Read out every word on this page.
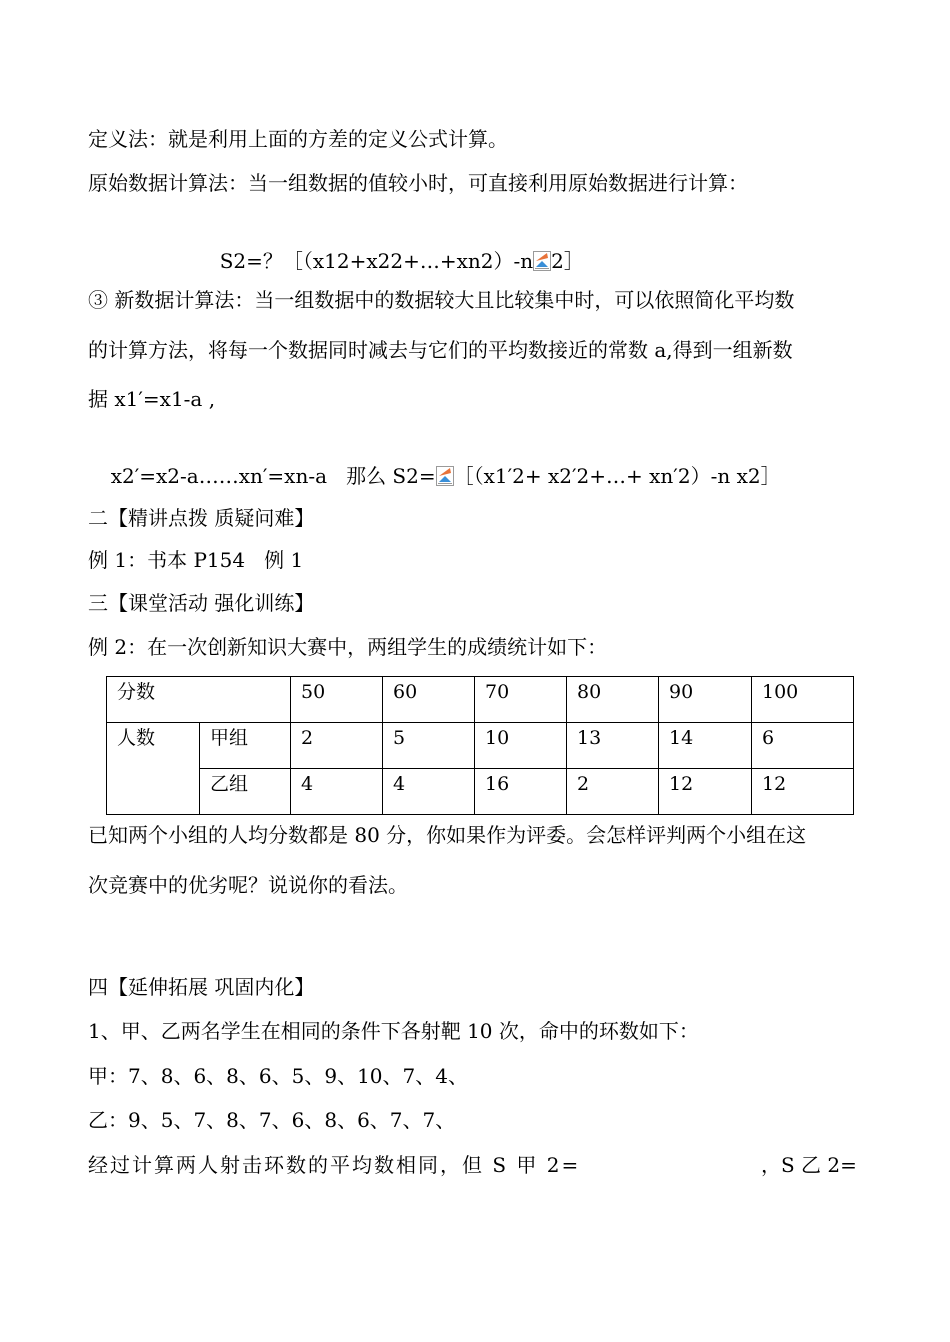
定义法：就是利用上面的方差的定义公式计算。
原始数据计算法：当一组数据的值较小时，可直接利用原始数据进行计算：

S2=？［（x12+x22+…+xn2）-n 2］

③ 新数据计算法：当一组数据中的数据较大且比较集中时，可以依照简化平均数
的计算方法，将每一个数据同时减去与它们的平均数接近的常数 a,得到一组新数
据 x1′=x1-a ,

x2′=x2-a……xn′=xn-a   那么 S2= ［（x1′2+ x2′2+…+ xn′2）-n x2］

二【精讲点拨 质疑问难】
例 1：书本 P154   例 1
三【课堂活动 强化训练】
例 2：在一次创新知识大赛中，两组学生的成绩统计如下：
分数		50	60	70	80	90	100
人数	甲组	2	5	10	13	14	6
	乙组	4	4	16	2	12	12
已知两个小组的人均分数都是 80 分，你如果作为评委。会怎样评判两个小组在这
次竞赛中的优劣呢？说说你的看法。
四【延伸拓展 巩固内化】
1、甲、乙两名学生在相同的条件下各射靶 10 次，命中的环数如下：
甲：7、8、6、8、6、5、9、10、7、4、
乙：9、5、7、8、7、6、8、6、7、7、
经过计算两人射击环数的平均数相同，但 S 甲 2=	，S 乙 2=
